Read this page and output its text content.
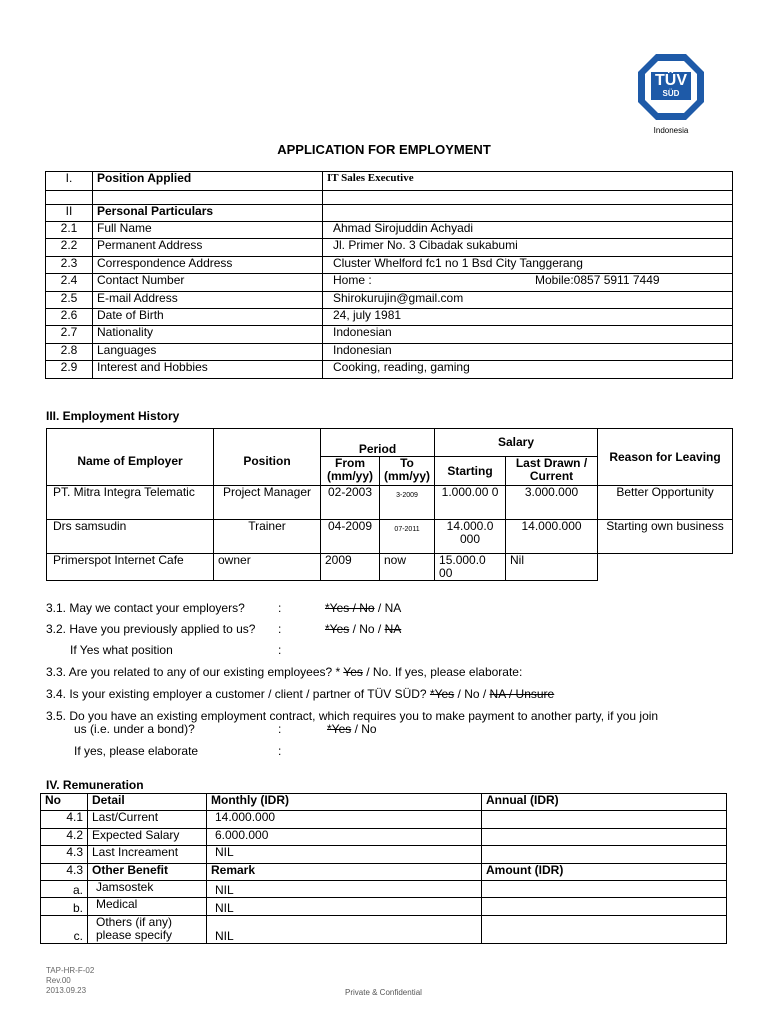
TÜV
SÜD
Indonesia
APPLICATION FOR EMPLOYMENT
I.	Position Applied	IT Sales Executive

II	Personal Particulars	
2.1	Full Name	Ahmad Sirojuddin Achyadi
2.2	Permanent Address	Jl. Primer No. 3 Cibadak sukabumi
2.3	Correspondence Address	Cluster Whelford fc1 no 1 Bsd City Tanggerang
2.4	Contact Number	Home : Mobile:0857 5911 7449

2.5	E-mail Address	Shirokurujin@gmail.com
2.6	Date of Birth	24, july 1981
2.7	Nationality	Indonesian
2.8	Languages	Indonesian
2.9	Interest and Hobbies	Cooking, reading, gaming
III. Employment History
Name of Employer	Position	Period		Salary		Reason for Leaving
		From (mm/yy)	To (mm/yy)	Starting	Last Drawn / Current	
PT. Mitra Integra Telematic	Project Manager	02-2003	3-2009	1.000.00 0	3.000.000	Better Opportunity
Drs samsudin	Trainer	04-2009	07-2011	14.000.0 000	14.000.000	Starting own business
Primerspot Internet Cafe	owner	2009	now	15.000.0 00	Nil	
3.1. May we contact your employers?	:	*Yes / No / NA
3.2. Have you previously applied to us? :	*Yes / No / NA
If Yes what position	:
3.3. Are you related to any of our existing employees? * Yes / No. If yes, please elaborate:
3.4. Is your existing employer a customer / client / partner of TÜV SÜD? *Yes / No / NA / Unsure
3.5. Do you have an existing employment contract, which requires you to make payment to another party, if you join
us (i.e. under a bond)?	:	*Yes / No
If yes, please elaborate	:
IV. Remuneration
No	Detail	Monthly (IDR)	Annual (IDR)
4.1	Last/Current	14.000.000	
4.2	Expected Salary	6.000.000	
4.3	Last Increament	NIL	
4.3	Other Benefit	Remark	Amount (IDR)
a.	Jamsostek	NIL	
b.	Medical	NIL	
c.	Others (if any) please specify	NIL	
TAP-HR-F-02
Rev.00
2013.09.23	Private & Confidential
